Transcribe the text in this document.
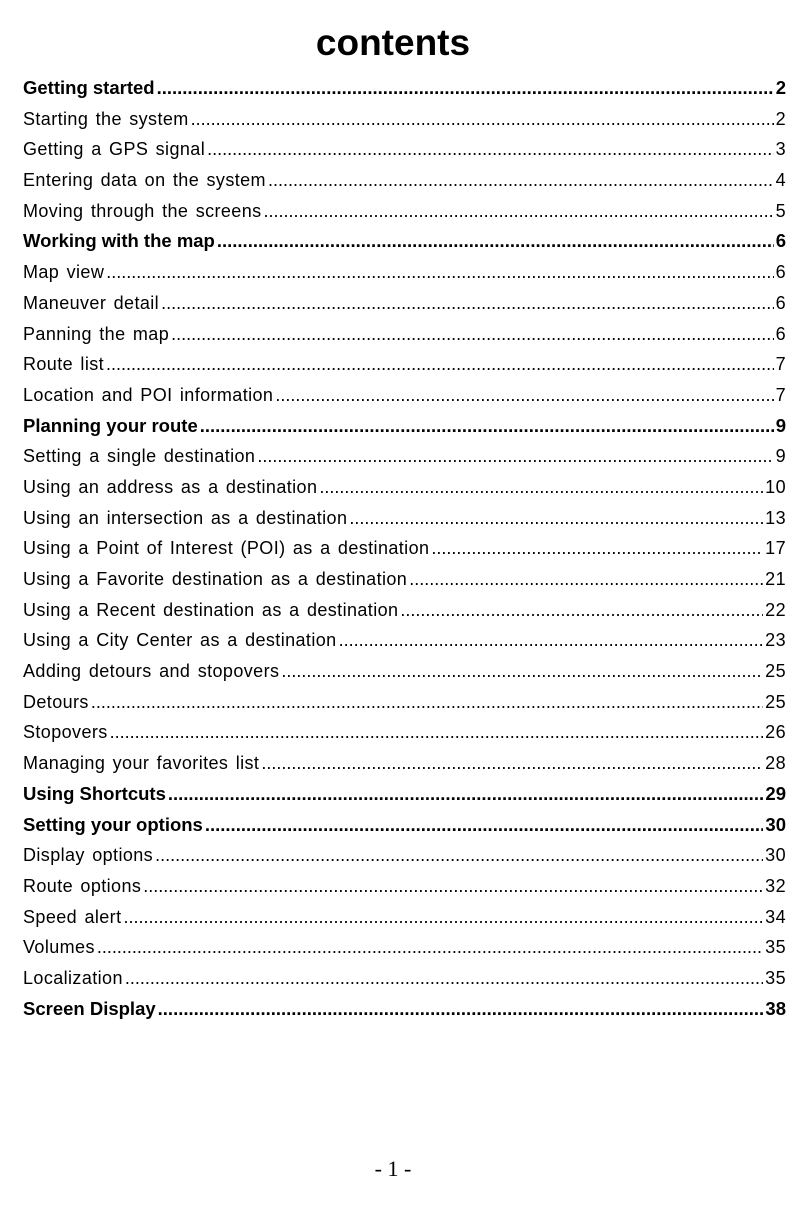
contents
Getting started .....	2
Starting the system .....	2
Getting a GPS signal .....	3
Entering data on the system .....	4
Moving through the screens .....	5
Working with the map .....	6
Map view .....	6
Maneuver detail .....	6
Panning the map .....	6
Route list .....	7
Location and POI information .....	7
Planning your route .....	9
Setting a single destination .....	9
Using an address as a destination .....	10
Using an intersection as a destination .....	13
Using a Point of Interest (POI) as a destination .....	17
Using a Favorite destination as a destination .....	21
Using a Recent destination as a destination .....	22
Using a City Center as a destination .....	23
Adding detours and stopovers .....	25
Detours .....	25
Stopovers .....	26
Managing your favorites list .....	28
Using Shortcuts .....	29
Setting your options .....	30
Display options .....	30
Route options .....	32
Speed alert .....	34
Volumes .....	35
Localization .....	35
Screen Display .....	38
- 1 -
